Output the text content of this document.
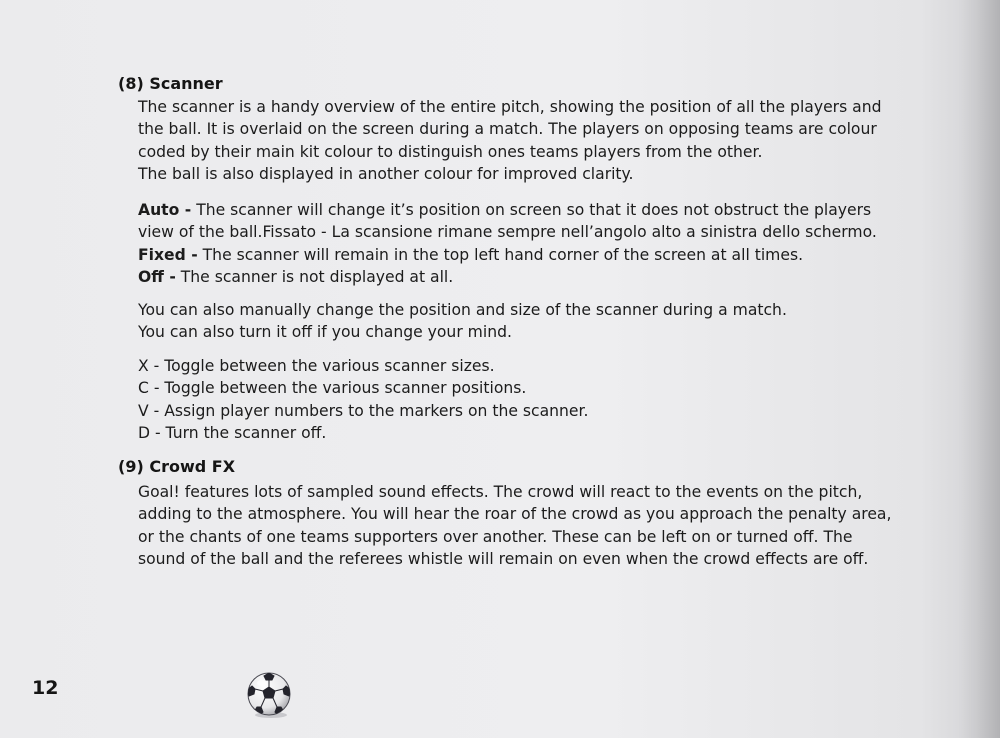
(8) Scanner

The scanner is a handy overview of the entire pitch, showing the position of all the players and
the ball. It is overlaid on the screen during a match. The players on opposing teams are colour
coded by their main kit colour to distinguish ones teams players from the other.
The ball is also displayed in another colour for improved clarity.

Auto - The scanner will change it’s position on screen so that it does not obstruct the players
view of the ball.Fissato - La scansione rimane sempre nell’angolo alto a sinistra dello schermo.
Fixed - The scanner will remain in the top left hand corner of the screen at all times.
Off - The scanner is not displayed at all.

You can also manually change the position and size of the scanner during a match.
You can also turn it off if you change your mind.

X - Toggle between the various scanner sizes.
C - Toggle between the various scanner positions.
V - Assign player numbers to the markers on the scanner.
D - Turn the scanner off.

(9) Crowd FX

Goal! features lots of sampled sound effects. The crowd will react to the events on the pitch,
adding to the atmosphere. You will hear the roar of the crowd as you approach the penalty area,
or the chants of one teams supporters over another. These can be left on or turned off. The
sound of the ball and the referees whistle will remain on even when the crowd effects are off.

12
